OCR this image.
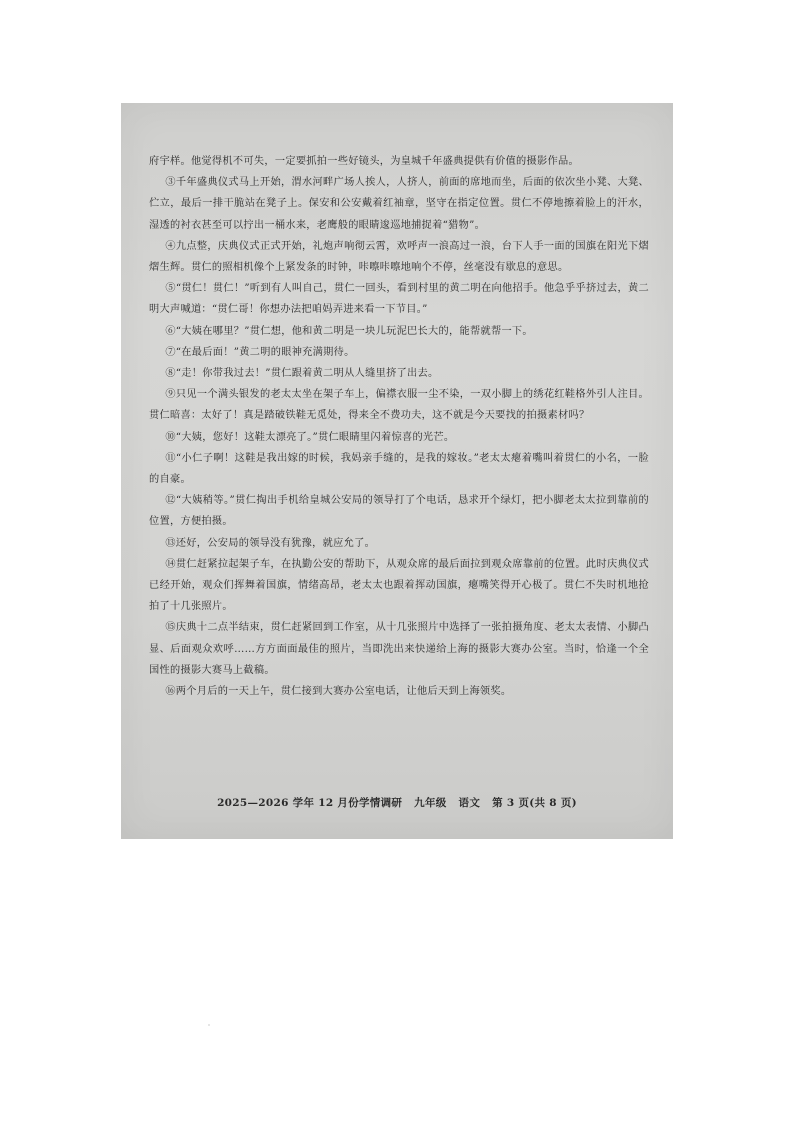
府宇样。他觉得机不可失，一定要抓拍一些好镜头，为皇城千年盛典提供有价值的摄影作品。

③千年盛典仪式马上开始，渭水河畔广场人挨人，人挤人，前面的席地而坐，后面的依次坐小凳、大凳、伫立，最后一排干脆站在凳子上。保安和公安戴着红袖章，坚守在指定位置。贯仁不停地擦着脸上的汗水，湿透的衬衣甚至可以拧出一桶水来，老鹰般的眼睛逡巡地捕捉着“猎物”。

④九点整，庆典仪式正式开始，礼炮声响彻云霄，欢呼声一浪高过一浪，台下人手一面的国旗在阳光下熠熠生辉。贯仁的照相机像个上紧发条的时钟，咔嚓咔嚓地响个不停，丝毫没有歇息的意思。

⑤“贯仁！贯仁！”听到有人叫自己，贯仁一回头，看到村里的黄二明在向他招手。他急乎乎挤过去，黄二明大声喊道：“贯仁哥！你想办法把咱妈弄进来看一下节目。”

⑥“大姨在哪里？”贯仁想，他和黄二明是一块儿玩泥巴长大的，能帮就帮一下。

⑦“在最后面！”黄二明的眼神充满期待。

⑧“走！你带我过去！”贯仁跟着黄二明从人缝里挤了出去。

⑨只见一个满头银发的老太太坐在架子车上，偏襟衣服一尘不染，一双小脚上的绣花红鞋格外引人注目。贯仁暗喜：太好了！真是踏破铁鞋无觅处，得来全不费功夫，这不就是今天要找的拍摄素材吗？

⑩“大姨，您好！这鞋太漂亮了。”贯仁眼睛里闪着惊喜的光芒。

⑪“小仁子啊！这鞋是我出嫁的时候，我妈亲手缝的，是我的嫁妆。”老太太瘪着嘴叫着贯仁的小名，一脸的自豪。

⑫“大姨稍等。”贯仁掏出手机给皇城公安局的领导打了个电话，恳求开个绿灯，把小脚老太太拉到靠前的位置，方便拍摄。

⑬还好，公安局的领导没有犹豫，就应允了。

⑭贯仁赶紧拉起架子车，在执勤公安的帮助下，从观众席的最后面拉到观众席靠前的位置。此时庆典仪式已经开始，观众们挥舞着国旗，情绪高昂，老太太也跟着挥动国旗，瘪嘴笑得开心极了。贯仁不失时机地抢拍了十几张照片。

⑮庆典十二点半结束，贯仁赶紧回到工作室，从十几张照片中选择了一张拍摄角度、老太太表情、小脚凸显、后面观众欢呼……方方面面最佳的照片，当即洗出来快递给上海的摄影大赛办公室。当时，恰逢一个全国性的摄影大赛马上截稿。

⑯两个月后的一天上午，贯仁接到大赛办公室电话，让他后天到上海领奖。

2025—2026 学年 12 月份学情调研 九年级 语文 第 3 页(共 8 页)
